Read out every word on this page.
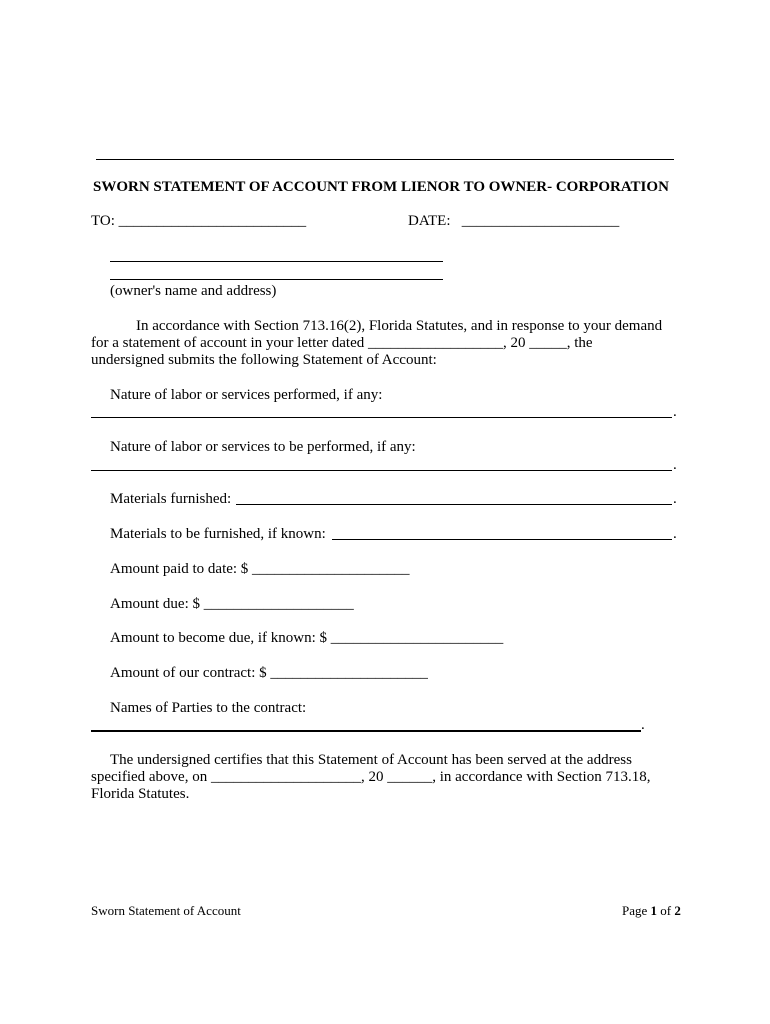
SWORN STATEMENT OF ACCOUNT FROM LIENOR TO OWNER- CORPORATION
TO: _________________________	DATE:   _____________________
(owner's name and address)
In accordance with Section 713.16(2), Florida Statutes, and in response to your demand
for a statement of account in your letter dated __________________, 20 _____, the
undersigned submits the following Statement of Account:
Nature of labor or services performed, if any:
.
Nature of labor or services to be performed, if any:
.
Materials furnished:	.
Materials to be furnished, if known:	.
Amount paid to date: $ _____________________
Amount due: $ ____________________
Amount to become due, if known: $ _______________________
Amount of our contract: $ _____________________
Names of Parties to the contract:
.
The undersigned certifies that this Statement of Account has been served at the address
specified above, on ____________________, 20 ______, in accordance with Section 713.18,
Florida Statutes.
Sworn Statement of Account	Page 1 of 2
